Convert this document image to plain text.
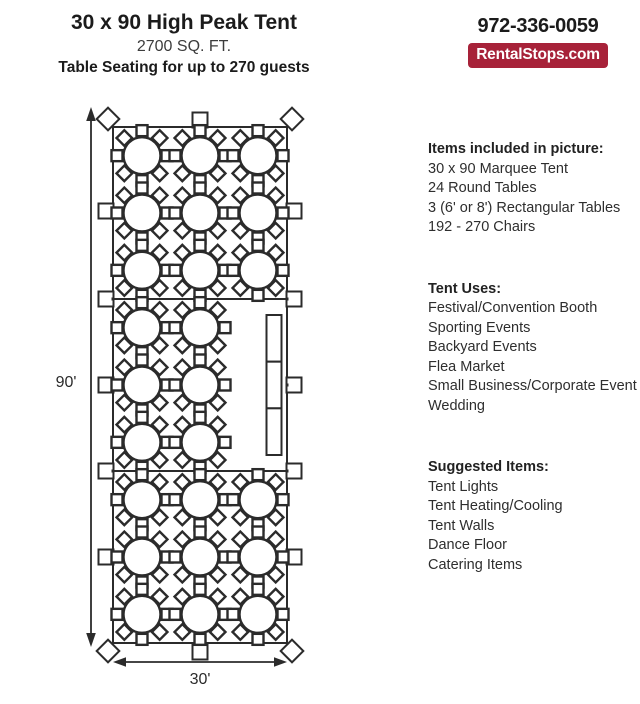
30 x 90 High Peak Tent
2700 SQ. FT.
Table Seating for up to 270 guests
972-336-0059
RentalStops.com
90'
30'
Items included in picture:
30 x 90 Marquee Tent
24 Round Tables
3 (6' or 8') Rectangular Tables
192 - 270 Chairs
Tent Uses:
Festival/Convention Booth
Sporting Events
Backyard Events
Flea Market
Small Business/Corporate Event
Wedding
Suggested Items:
Tent Lights
Tent Heating/Cooling
Tent Walls
Dance Floor
Catering Items
